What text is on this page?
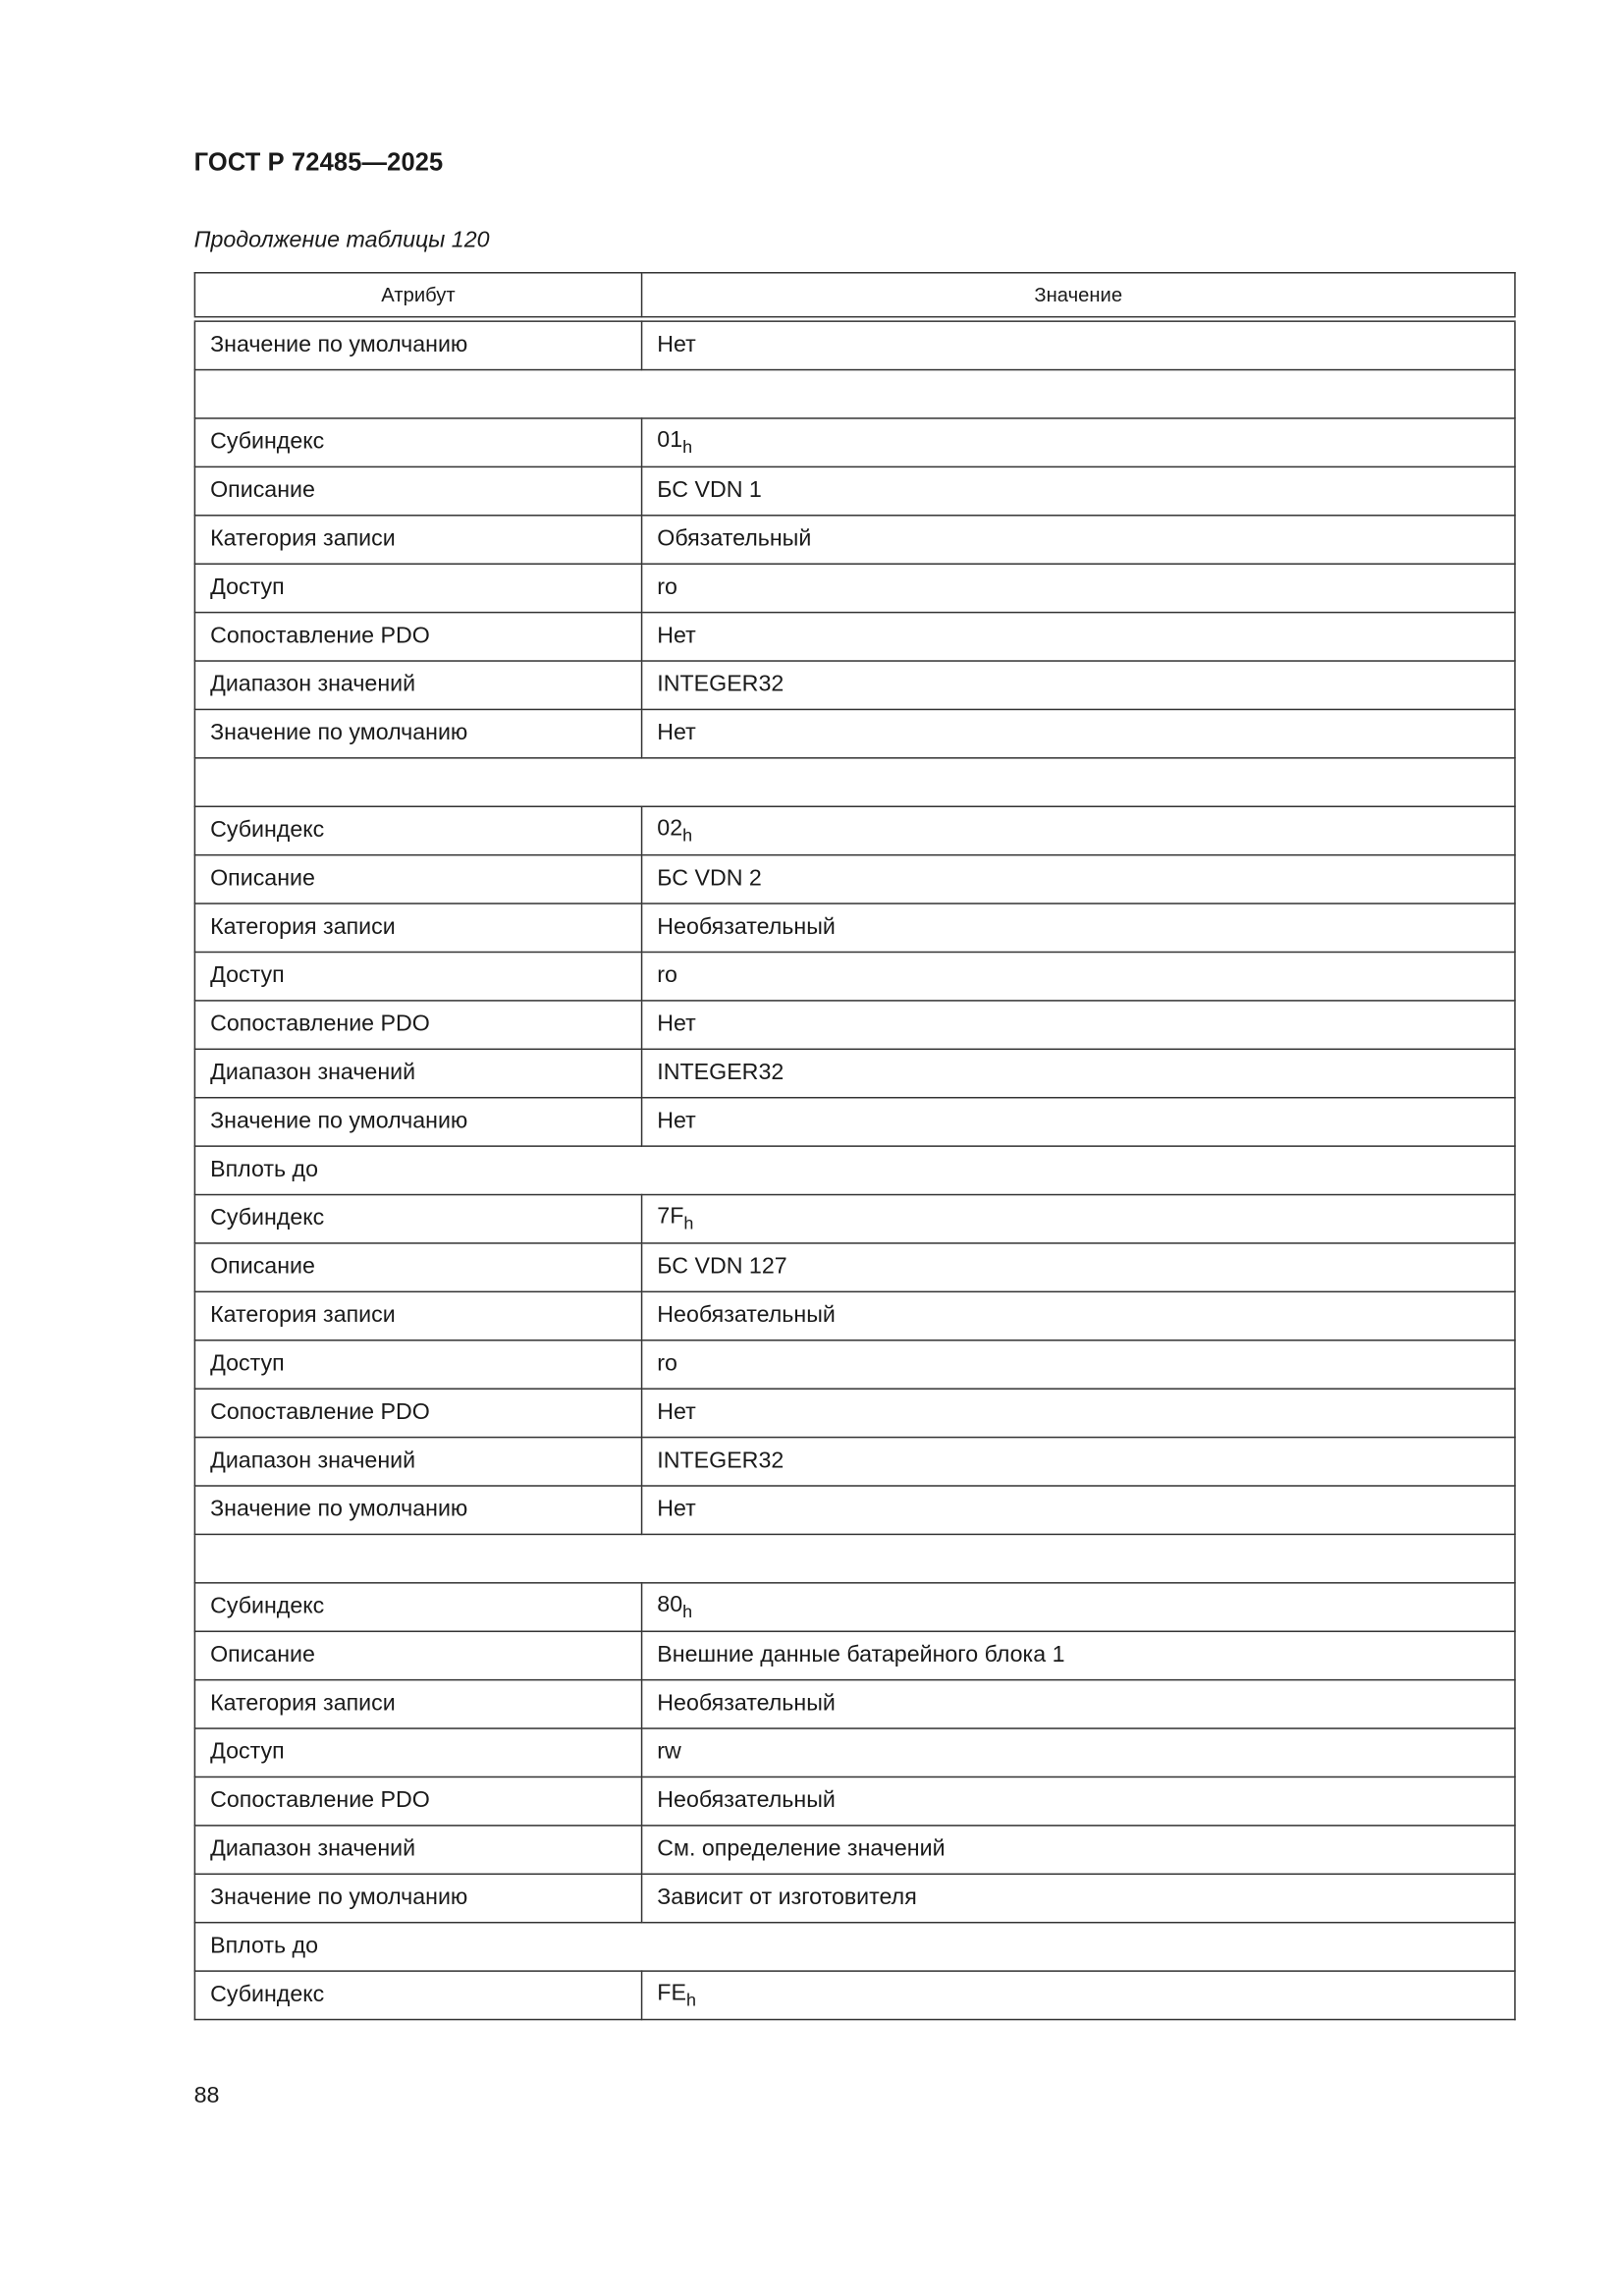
ГОСТ Р 72485—2025
Продолжение таблицы 120
Атрибут	Значение
Значение по умолчанию	Нет

Субиндекс	$01_h$
Описание	БС VDN 1
Категория записи	Обязательный
Доступ	ro
Сопоставление PDO	Нет
Диапазон значений	INTEGER32
Значение по умолчанию	Нет

Субиндекс	$02_h$
Описание	БС VDN 2
Категория записи	Необязательный
Доступ	ro
Сопоставление PDO	Нет
Диапазон значений	INTEGER32
Значение по умолчанию	Нет
Вплоть до	
Субиндекс	$7F_h$
Описание	БС VDN 127
Категория записи	Необязательный
Доступ	ro
Сопоставление PDO	Нет
Диапазон значений	INTEGER32
Значение по умолчанию	Нет

Субиндекс	$80_h$
Описание	Внешние данные батарейного блока 1
Категория записи	Необязательный
Доступ	rw
Сопоставление PDO	Необязательный
Диапазон значений	См. определение значений
Значение по умолчанию	Зависит от изготовителя
Вплоть до	
Субиндекс	$FE_h$
88
